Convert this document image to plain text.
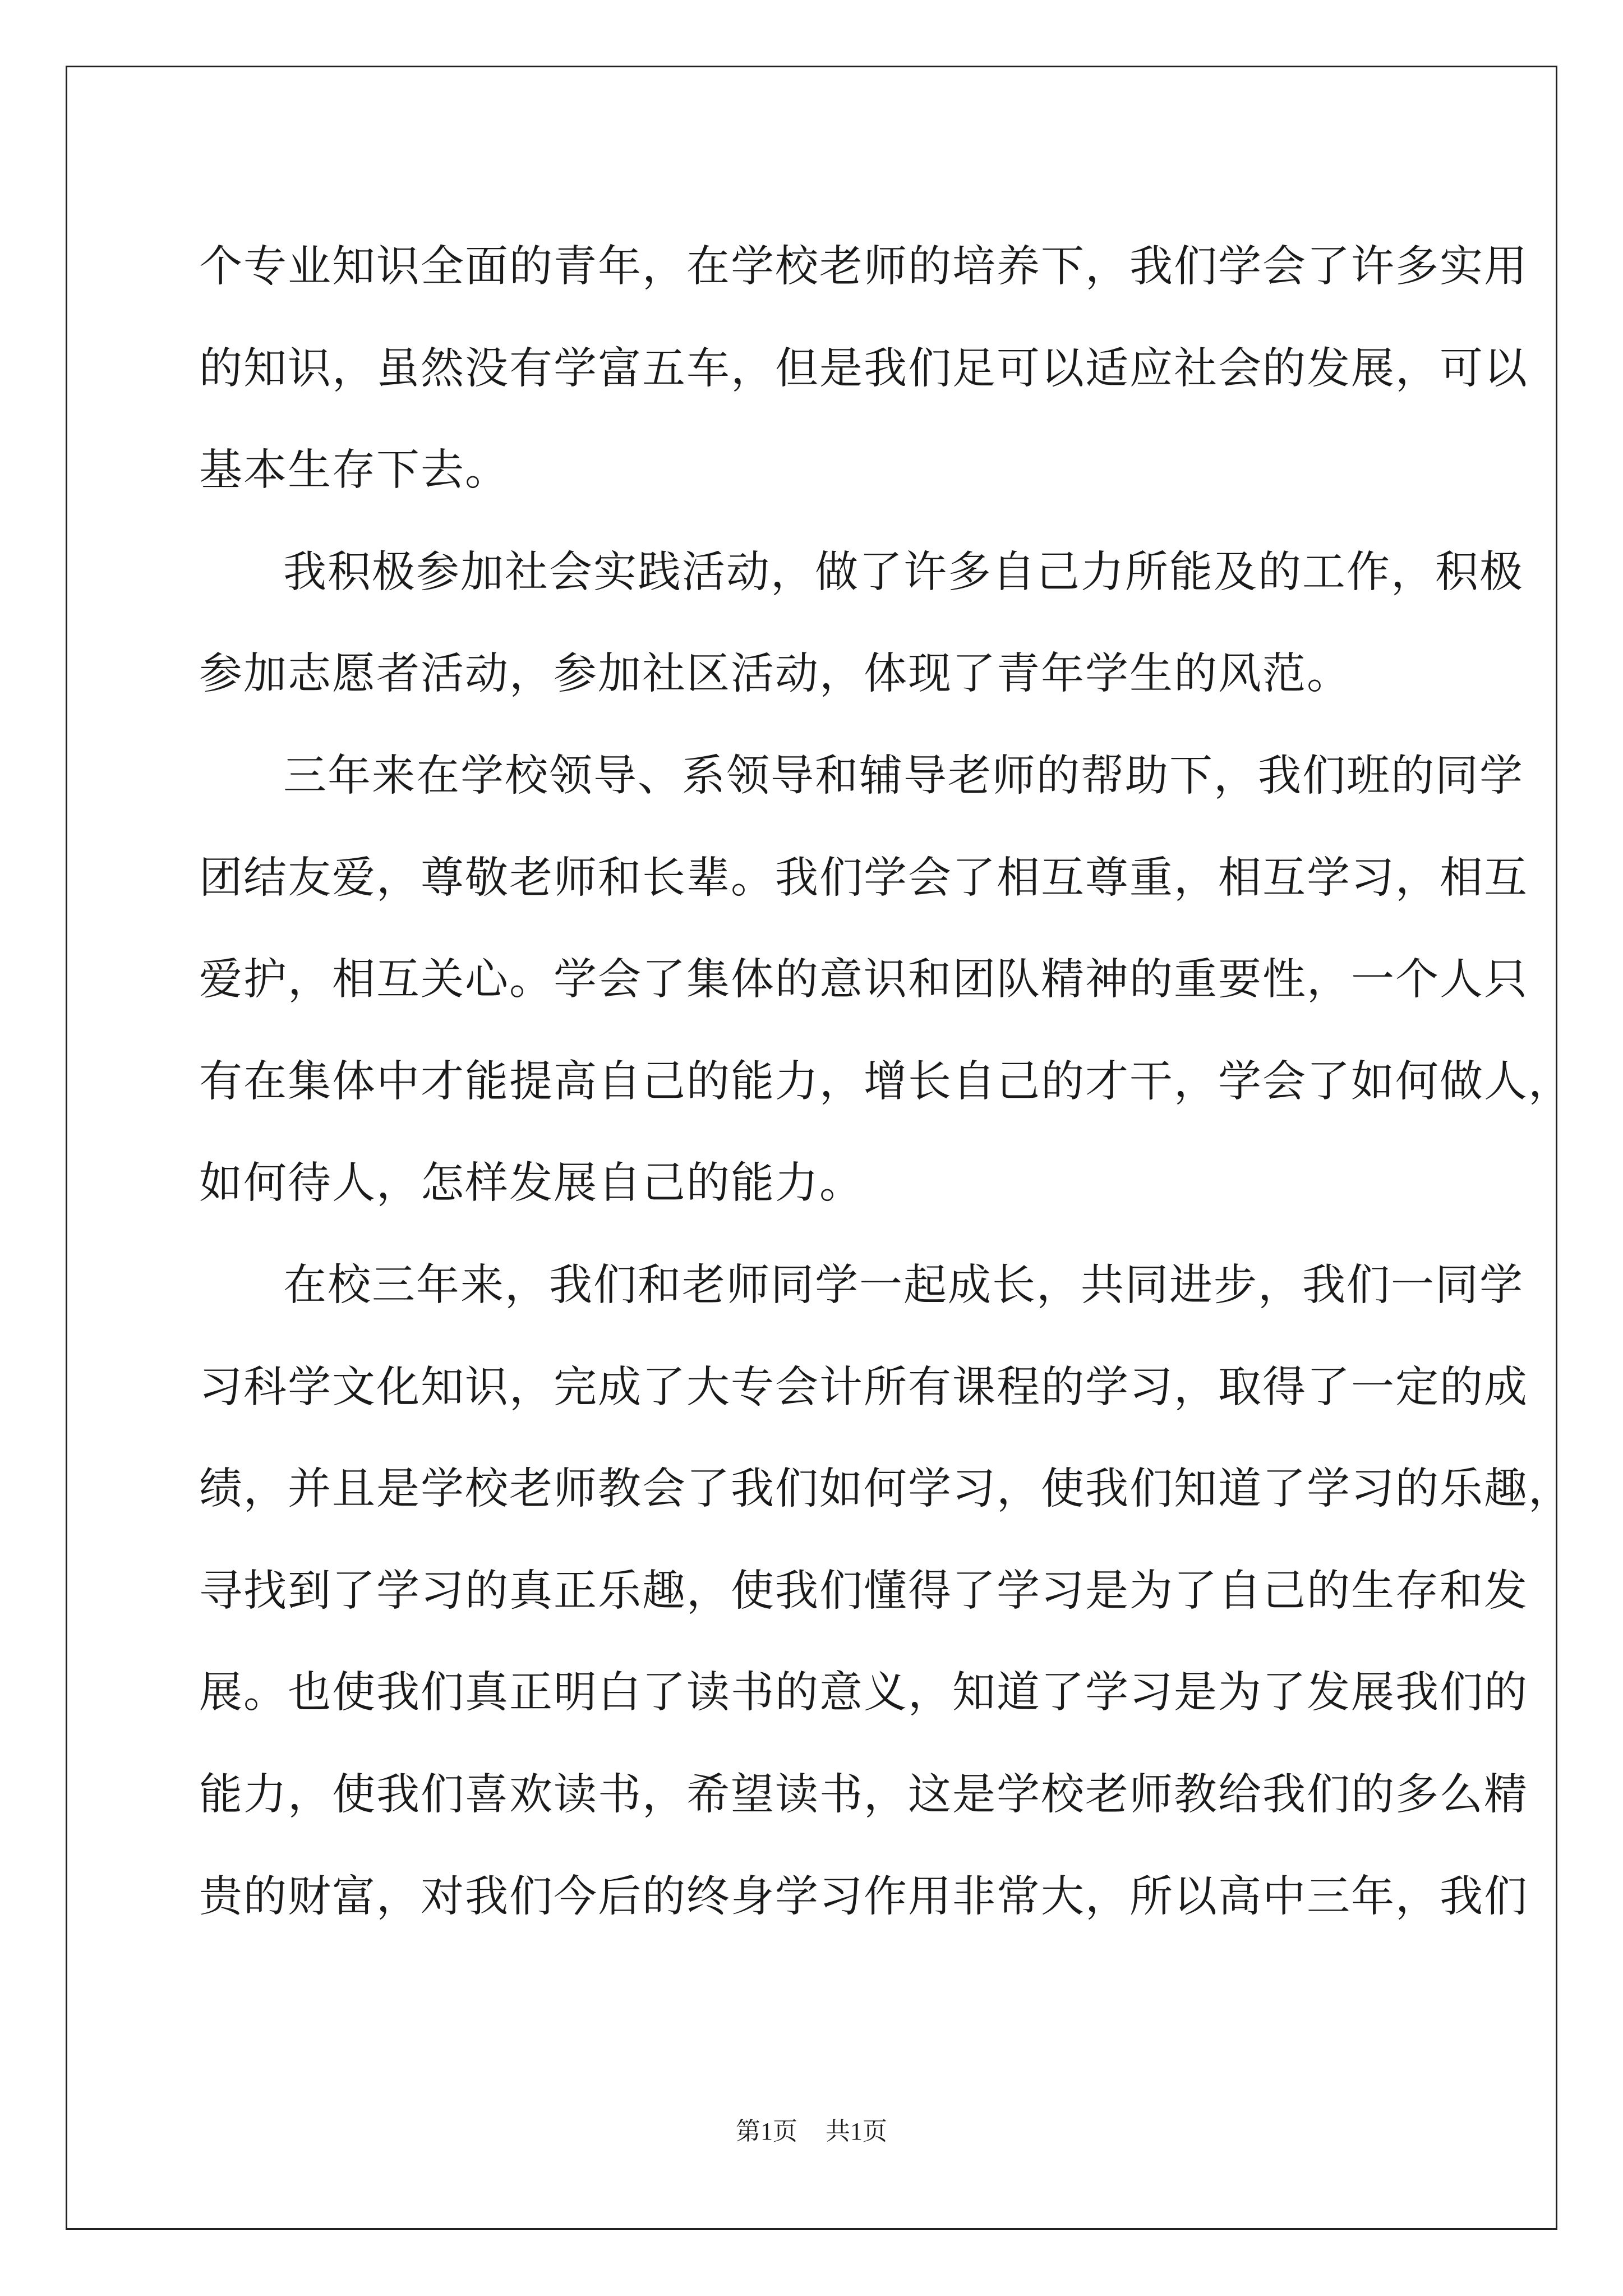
个专业知识全面的青年，在学校老师的培养下，我们学会了许多实用
的知识，虽然没有学富五车，但是我们足可以适应社会的发展，可以
基本生存下去。
我积极参加社会实践活动，做了许多自己力所能及的工作，积极
参加志愿者活动，参加社区活动，体现了青年学生的风范。
三年来在学校领导、系领导和辅导老师的帮助下，我们班的同学
团结友爱，尊敬老师和长辈。我们学会了相互尊重，相互学习，相互
爱护，相互关心。学会了集体的意识和团队精神的重要性，一个人只
有在集体中才能提高自己的能力，增长自己的才干，学会了如何做人，
如何待人，怎样发展自己的能力。
在校三年来，我们和老师同学一起成长，共同进步，我们一同学
习科学文化知识，完成了大专会计所有课程的学习，取得了一定的成
绩，并且是学校老师教会了我们如何学习，使我们知道了学习的乐趣，
寻找到了学习的真正乐趣，使我们懂得了学习是为了自己的生存和发
展。也使我们真正明白了读书的意义，知道了学习是为了发展我们的
能力，使我们喜欢读书，希望读书，这是学校老师教给我们的多么精
贵的财富，对我们今后的终身学习作用非常大，所以高中三年，我们
第1页 共1页
